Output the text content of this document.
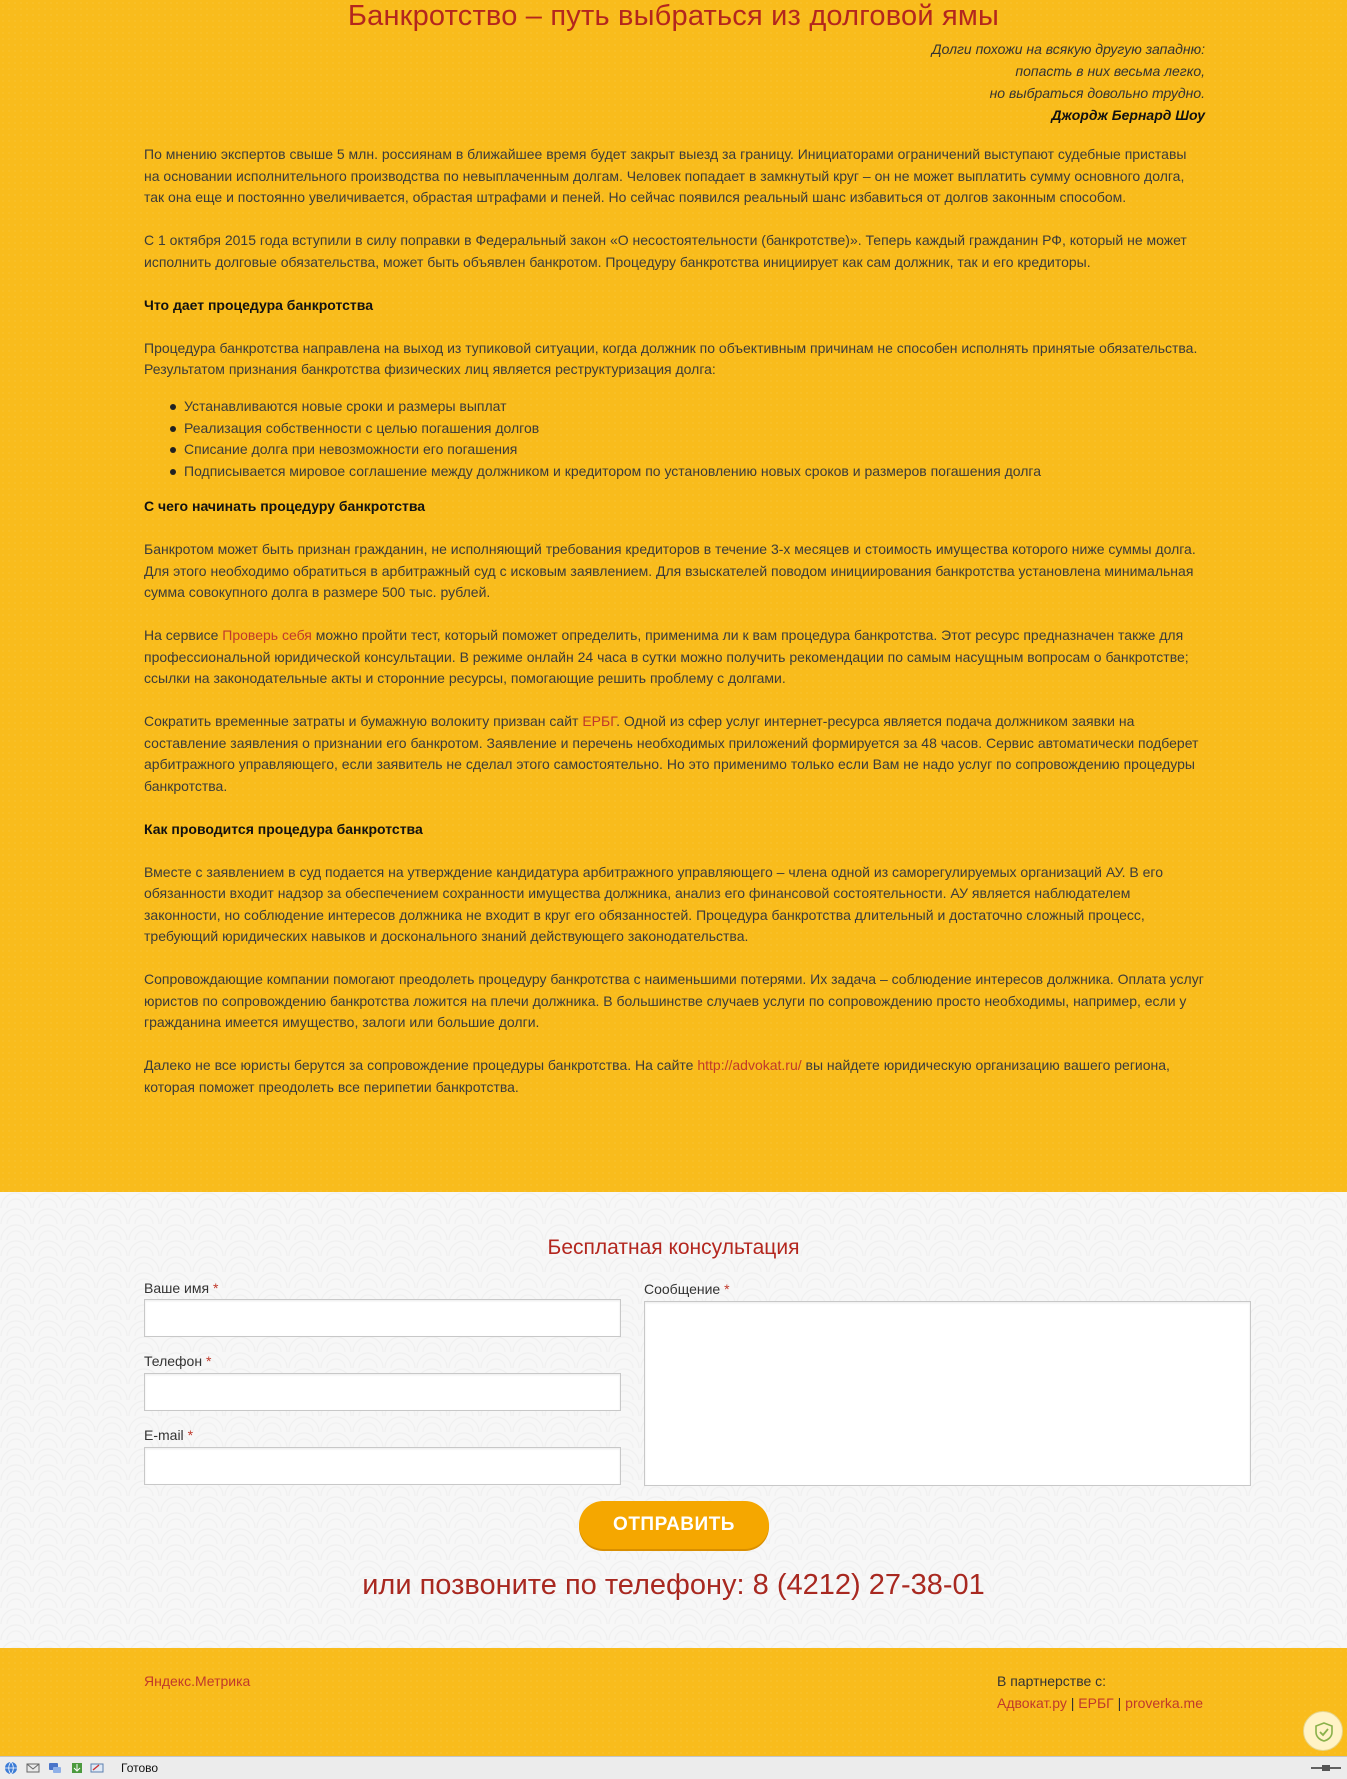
Банкротство – путь выбраться из долговой ямы
Долги похожи на всякую другую западню:
попасть в них весьма легко,
но выбраться довольно трудно.
Джордж Бернард Шоу

По мнению экспертов свыше 5 млн. россиянам в ближайшее время будет закрыт выезд за границу. Инициаторами ограничений выступают судебные приставы на основании исполнительного производства по невыплаченным долгам. Человек попадает в замкнутый круг – он не может выплатить сумму основного долга, так она еще и постоянно увеличивается, обрастая штрафами и пеней. Но сейчас появился реальный шанс избавиться от долгов законным способом.

С 1 октября 2015 года вступили в силу поправки в Федеральный закон «О несостоятельности (банкротстве)». Теперь каждый гражданин РФ, который не может исполнить долговые обязательства, может быть объявлен банкротом. Процедуру банкротства инициирует как сам должник, так и его кредиторы.

Что дает процедура банкротства

Процедура банкротства направлена на выход из тупиковой ситуации, когда должник по объективным причинам не способен исполнять принятые обязательства. Результатом признания банкротства физических лиц является реструктуризация долга:

Устанавливаются новые сроки и размеры выплат
Реализация собственности с целью погашения долгов
Списание долга при невозможности его погашения
Подписывается мировое соглашение между должником и кредитором по установлению новых сроков и размеров погашения долга
С чего начинать процедуру банкротства

Банкротом может быть признан гражданин, не исполняющий требования кредиторов в течение 3-х месяцев и стоимость имущества которого ниже суммы долга. Для этого необходимо обратиться в арбитражный суд с исковым заявлением. Для взыскателей поводом инициирования банкротства установлена минимальная сумма совокупного долга в размере 500 тыс. рублей.

На сервисе Проверь себя можно пройти тест, который поможет определить, применима ли к вам процедура банкротства. Этот ресурс предназначен также для профессиональной юридической консультации. В режиме онлайн 24 часа в сутки можно получить рекомендации по самым насущным вопросам о банкротстве; ссылки на законодательные акты и сторонние ресурсы, помогающие решить проблему с долгами.

Сократить временные затраты и бумажную волокиту призван сайт ЕРБГ. Одной из сфер услуг интернет-ресурса является подача должником заявки на составление заявления о признании его банкротом. Заявление и перечень необходимых приложений формируется за 48 часов. Сервис автоматически подберет арбитражного управляющего, если заявитель не сделал этого самостоятельно. Но это применимо только если Вам не надо услуг по сопровождению процедуры банкротства.

Как проводится процедура банкротства

Вместе с заявлением в суд подается на утверждение кандидатура арбитражного управляющего – члена одной из саморегулируемых организаций АУ. В его обязанности входит надзор за обеспечением сохранности имущества должника, анализ его финансовой состоятельности. АУ является наблюдателем законности, но соблюдение интересов должника не входит в круг его обязанностей. Процедура банкротства длительный и достаточно сложный процесс, требующий юридических навыков и досконального знаний действующего законодательства.

Сопровождающие компании помогают преодолеть процедуру банкротства с наименьшими потерями. Их задача – соблюдение интересов должника. Оплата услуг юристов по сопровождению банкротства ложится на плечи должника. В большинстве случаев услуги по сопровождению просто необходимы, например, если у гражданина имеется имущество, залоги или большие долги.

Далеко не все юристы берутся за сопровождение процедуры банкротства. На сайте http://advokat.ru/ вы найдете юридическую организацию вашего региона, которая поможет преодолеть все перипетии банкротства.

Бесплатная консультация
Ваше имя *
Телефон *
E-mail *
Сообщение *
ОТПРАВИТЬ
или позвоните по телефону: 8 (4212) 27-38-01
Яндекс.Метрика	В партнерстве с:
Адвокат.ру | ЕРБГ | proverka.me
Готово
